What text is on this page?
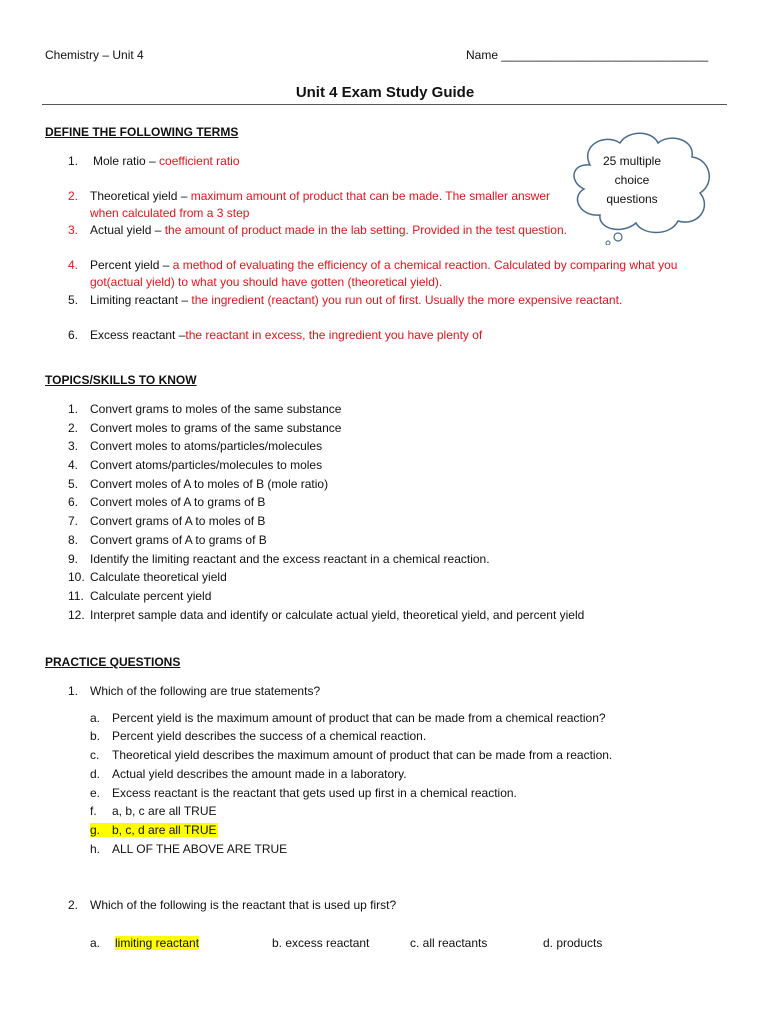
Chemistry – Unit 4	Name _______________________________
Unit 4 Exam Study Guide
25 multiple
choice
questions
DEFINE THE FOLLOWING TERMS
1. Mole ratio – coefficient ratio
2. Theoretical yield – maximum amount of product that can be made. The smaller answer
when calculated from a 3 step
3. Actual yield – the amount of product made in the lab setting. Provided in the test question.
4. Percent yield – a method of evaluating the efficiency of a chemical reaction. Calculated by comparing what you
got(actual yield) to what you should have gotten (theoretical yield).
5. Limiting reactant – the ingredient (reactant) you run out of first. Usually the more expensive reactant.
6. Excess reactant –the reactant in excess, the ingredient you have plenty of
TOPICS/SKILLS TO KNOW
1. Convert grams to moles of the same substance
2. Convert moles to grams of the same substance
3. Convert moles to atoms/particles/molecules
4. Convert atoms/particles/molecules to moles
5. Convert moles of A to moles of B (mole ratio)
6. Convert moles of A to grams of B
7. Convert grams of A to moles of B
8. Convert grams of A to grams of B
9. Identify the limiting reactant and the excess reactant in a chemical reaction.
10. Calculate theoretical yield
11. Calculate percent yield
12. Interpret sample data and identify or calculate actual yield, theoretical yield, and percent yield
PRACTICE QUESTIONS
1. Which of the following are true statements?
a. Percent yield is the maximum amount of product that can be made from a chemical reaction?
b. Percent yield describes the success of a chemical reaction.
c. Theoretical yield describes the maximum amount of product that can be made from a reaction.
d. Actual yield describes the amount made in a laboratory.
e. Excess reactant is the reactant that gets used up first in a chemical reaction.
f. a, b, c are all TRUE
g. b, c, d are all TRUE
h. ALL OF THE ABOVE ARE TRUE
2. Which of the following is the reactant that is used up first?
a. limiting reactant	b. excess reactant	c. all reactants	d. products
